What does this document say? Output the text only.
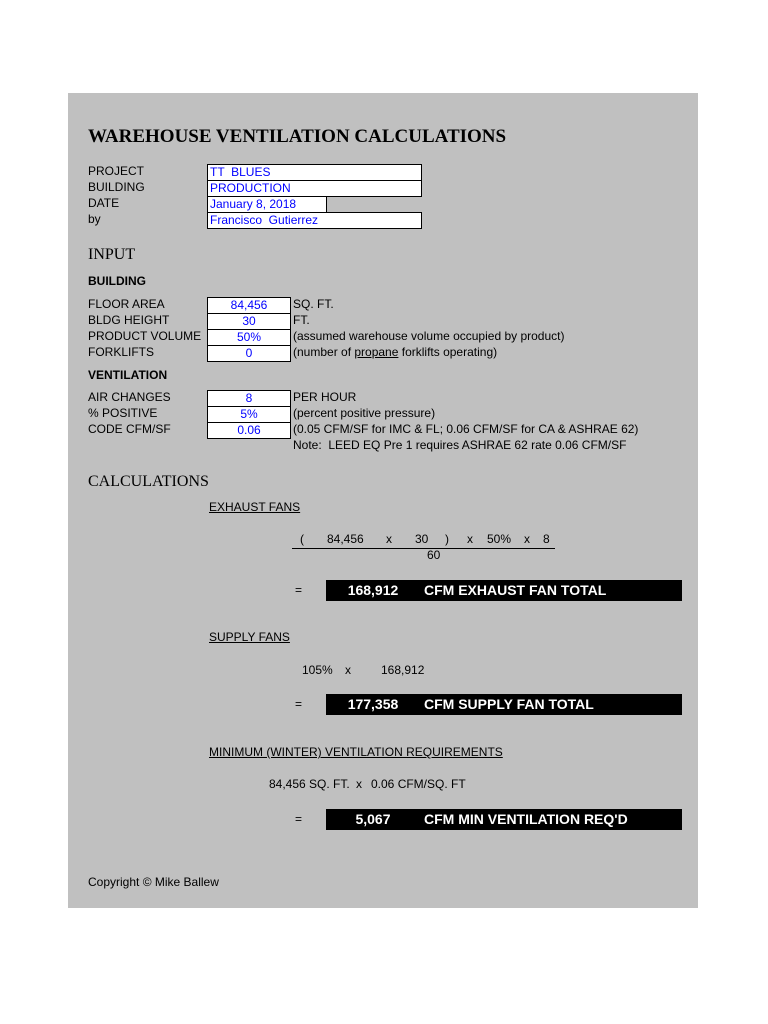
WAREHOUSE VENTILATION CALCULATIONS
PROJECT	TT  BLUES
BUILDING	PRODUCTION
DATE	January 8, 2018
by	Francisco  Gutierrez
INPUT
BUILDING
FLOOR AREA	84,456	SQ. FT.
BLDG HEIGHT	30	FT.
PRODUCT VOLUME	50%	(assumed warehouse volume occupied by product)
FORKLIFTS	0	(number of propane forklifts operating)
VENTILATION
AIR CHANGES	8	PER HOUR
% POSITIVE	5%	(percent positive pressure)
CODE CFM/SF	0.06	(0.05 CFM/SF for IMC & FL; 0.06 CFM/SF for CA & ASHRAE 62)
Note:  LEED EQ Pre 1 requires ASHRAE 62 rate 0.06 CFM/SF
CALCULATIONS
EXHAUST FANS
( 84,456 x 30 ) x 50% x 8
60
=	168,912	CFM EXHAUST FAN TOTAL
SUPPLY FANS
105% x	168,912
=	177,358	CFM SUPPLY FAN TOTAL
MINIMUM (WINTER) VENTILATION REQUIREMENTS
84,456 SQ. FT. x 0.06 CFM/SQ. FT
=	5,067	CFM MIN VENTILATION REQ'D
Copyright © Mike Ballew
